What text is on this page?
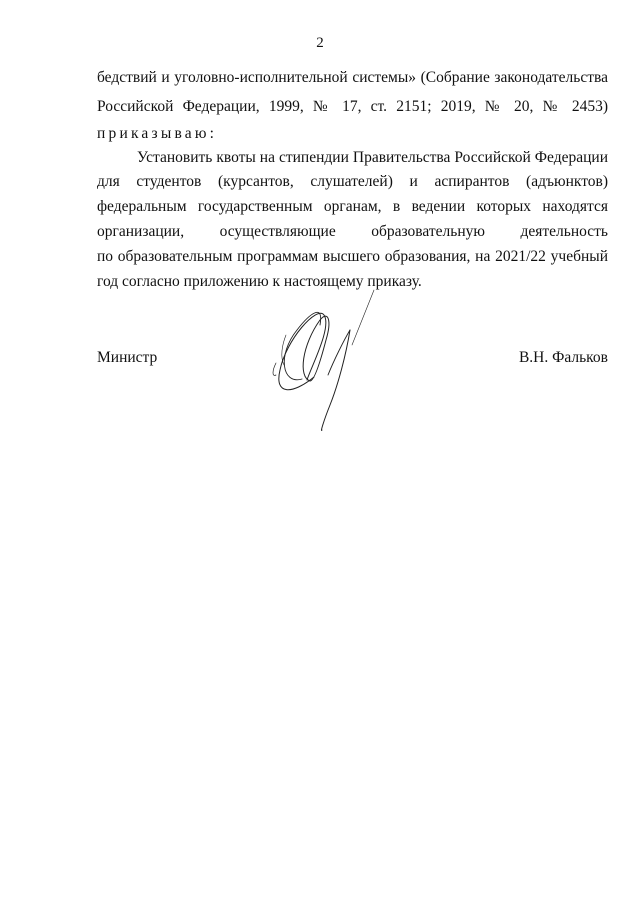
2
бедствий и уголовно-исполнительной системы» (Собрание законодательства
Российской Федерации, 1999, № 17, ст. 2151; 2019, № 20, № 2453)
приказываю:
Установить квоты на стипендии Правительства Российской Федерации
для студентов (курсантов, слушателей) и аспирантов (адъюнктов)
федеральным государственным органам, в ведении которых находятся
организации, осуществляющие образовательную деятельность
по образовательным программам высшего образования, на 2021/22 учебный
год согласно приложению к настоящему приказу.
Министр	В.Н. Фальков
